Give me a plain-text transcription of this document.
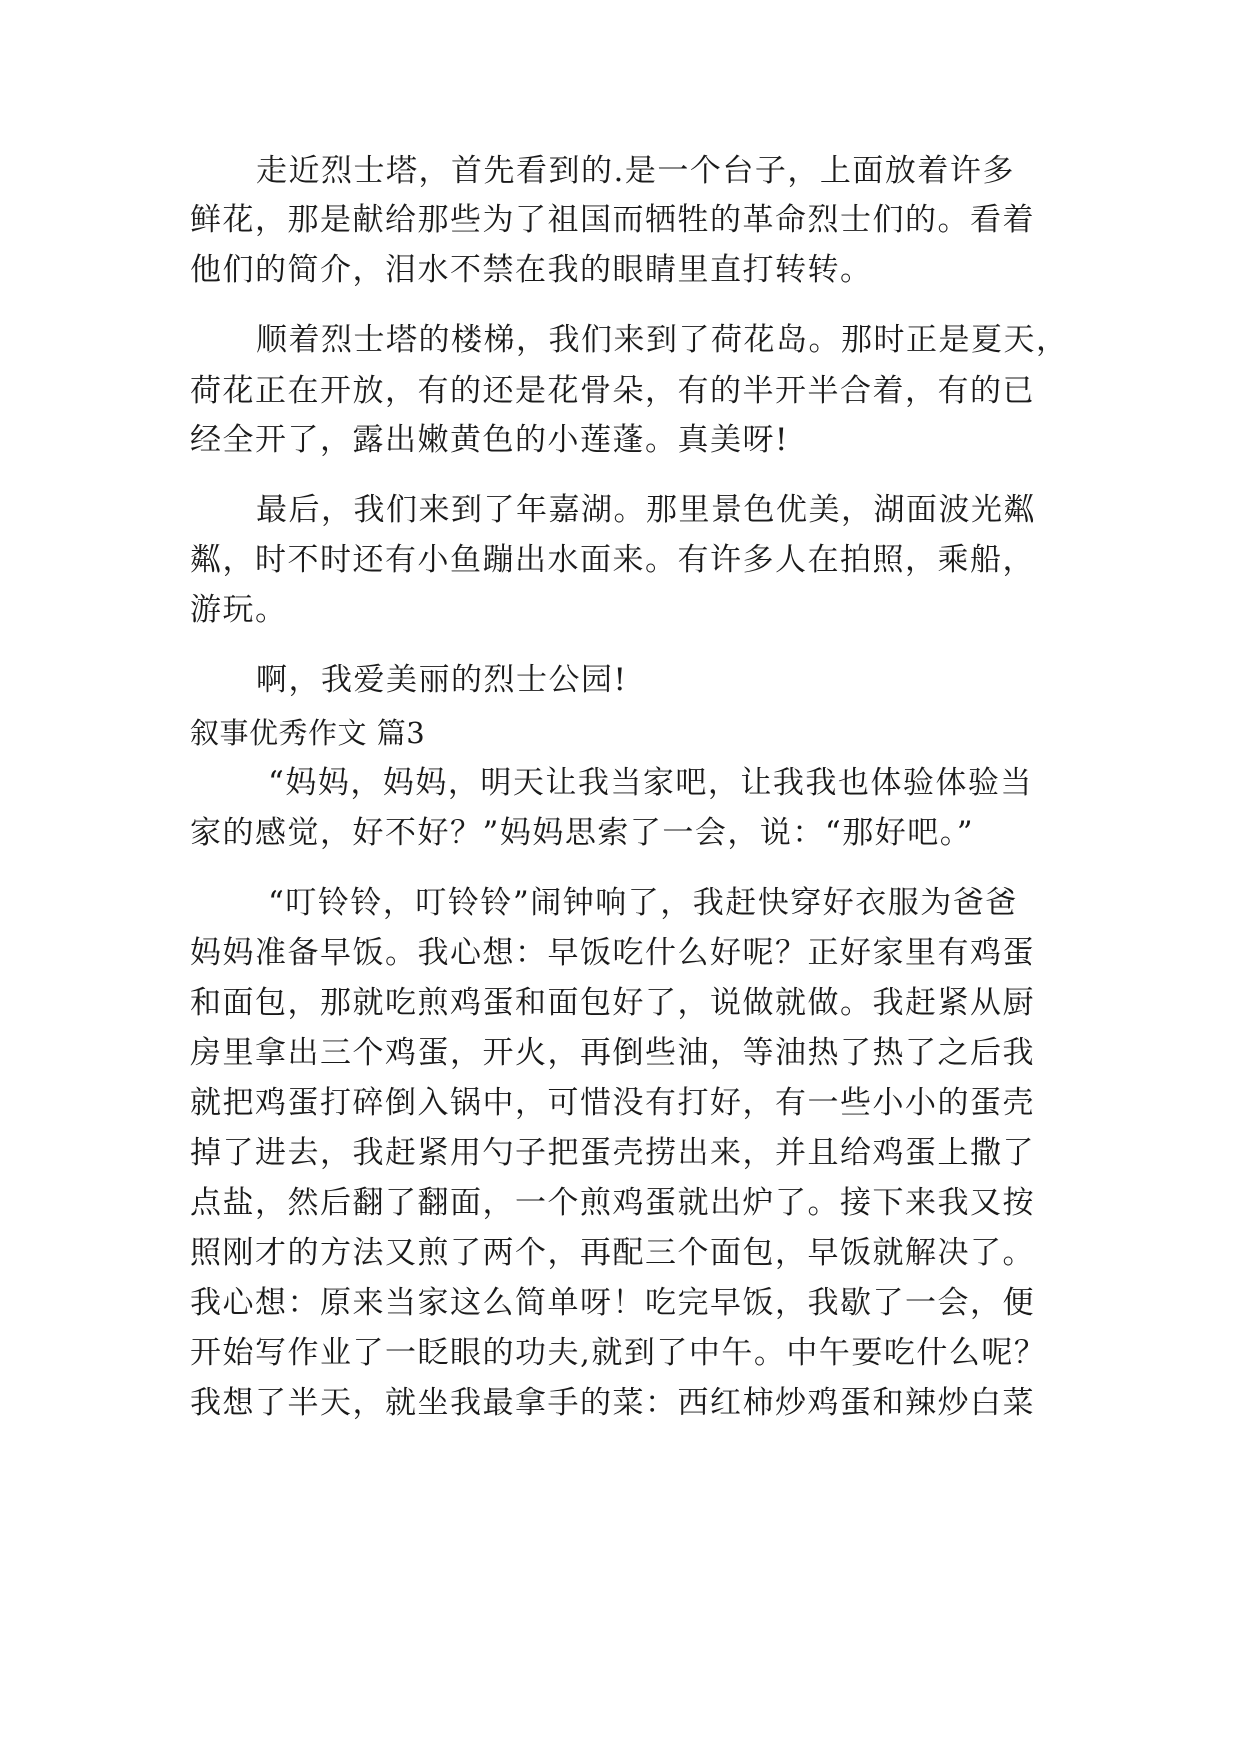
走近烈士塔，首先看到的.是一个台子，上面放着许多

鲜花，那是献给那些为了祖国而牺牲的革命烈士们的。看着

他们的简介，泪水不禁在我的眼睛里直打转转。

顺着烈士塔的楼梯，我们来到了荷花岛。那时正是夏天，

荷花正在开放，有的还是花骨朵，有的半开半合着，有的已

经全开了，露出嫩黄色的小莲蓬。真美呀!

最后，我们来到了年嘉湖。那里景色优美，湖面波光粼

粼，时不时还有小鱼蹦出水面来。有许多人在拍照，乘船，

游玩。

啊，我爱美丽的烈士公园!

叙事优秀作文 篇3

“妈妈，妈妈，明天让我当家吧，让我我也体验体验当

家的感觉，好不好？”妈妈思索了一会，说：“那好吧。”

“叮铃铃，叮铃铃”闹钟响了，我赶快穿好衣服为爸爸

妈妈准备早饭。我心想：早饭吃什么好呢？正好家里有鸡蛋

和面包，那就吃煎鸡蛋和面包好了，说做就做。我赶紧从厨

房里拿出三个鸡蛋，开火，再倒些油，等油热了热了之后我

就把鸡蛋打碎倒入锅中，可惜没有打好，有一些小小的蛋壳

掉了进去，我赶紧用勺子把蛋壳捞出来，并且给鸡蛋上撒了

点盐，然后翻了翻面，一个煎鸡蛋就出炉了。接下来我又按

照刚才的方法又煎了两个，再配三个面包，早饭就解决了。

我心想：原来当家这么简单呀！吃完早饭，我歇了一会，便

开始写作业了一眨眼的功夫,就到了中午。中午要吃什么呢？

我想了半天，就坐我最拿手的菜：西红柿炒鸡蛋和辣炒白菜
